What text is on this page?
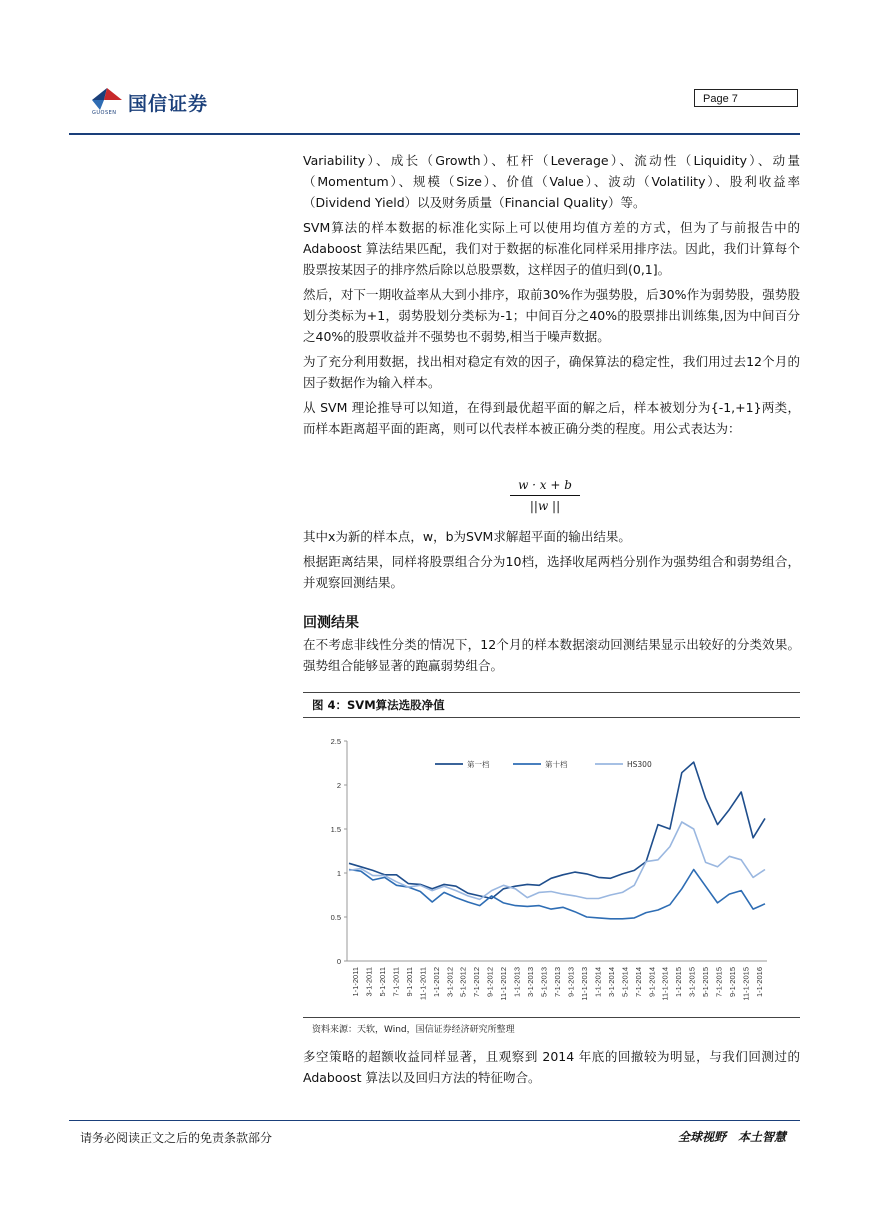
国信证券
GUOSEN
Page 7

Variability）、成长（Growth）、杠杆（Leverage）、流动性（Liquidity）、动量（Momentum）、规模（Size）、价值（Value）、波动（Volatility）、股利收益率（Dividend Yield）以及财务质量（Financial Quality）等。

SVM算法的样本数据的标准化实际上可以使用均值方差的方式，但为了与前报告中的 Adaboost 算法结果匹配，我们对于数据的标准化同样采用排序法。因此，我们计算每个股票按某因子的排序然后除以总股票数，这样因子的值归到(0,1]。

然后，对下一期收益率从大到小排序，取前30%作为强势股，后30%作为弱势股，强势股划分类标为+1，弱势股划分类标为-1；中间百分之40%的股票排出训练集,因为中间百分之40%的股票收益并不强势也不弱势,相当于噪声数据。

为了充分利用数据，找出相对稳定有效的因子，确保算法的稳定性，我们用过去12个月的因子数据作为输入样本。

从 SVM 理论推导可以知道，在得到最优超平面的解之后，样本被划分为{-1,+1}两类，而样本距离超平面的距离，则可以代表样本被正确分类的程度。用公式表达为：

$\frac{w \cdot x + b}{||w ||}$

其中x为新的样本点，w，b为SVM求解超平面的输出结果。

根据距离结果，同样将股票组合分为10档，选择收尾两档分别作为强势组合和弱势组合，并观察回测结果。

回测结果

在不考虑非线性分类的情况下，12个月的样本数据滚动回测结果显示出较好的分类效果。强势组合能够显著的跑赢弱势组合。

图 4：SVM算法选股净值
0
0.5
1
1.5
2
2.5
1-1-2011 3-1-2011 5-1-2011 7-1-2011 9-1-2011 11-1-2011 1-1-2012 3-1-2012 5-1-2012 7-1-2012 9-1-2012 11-1-2012 1-1-2013 3-1-2013 5-1-2013 7-1-2013 9-1-2013 11-1-2013 1-1-2014 3-1-2014 5-1-2014 7-1-2014 9-1-2014 11-1-2014 1-1-2015 3-1-2015 5-1-2015 7-1-2015 9-1-2015 11-1-2015 1-1-2016
第一档	第十档	HS300
资料来源：天软，Wind，国信证券经济研究所整理

多空策略的超额收益同样显著，且观察到 2014 年底的回撤较为明显，与我们回测过的 Adaboost 算法以及回归方法的特征吻合。

请务必阅读正文之后的免责条款部分	全球视野　本土智慧
